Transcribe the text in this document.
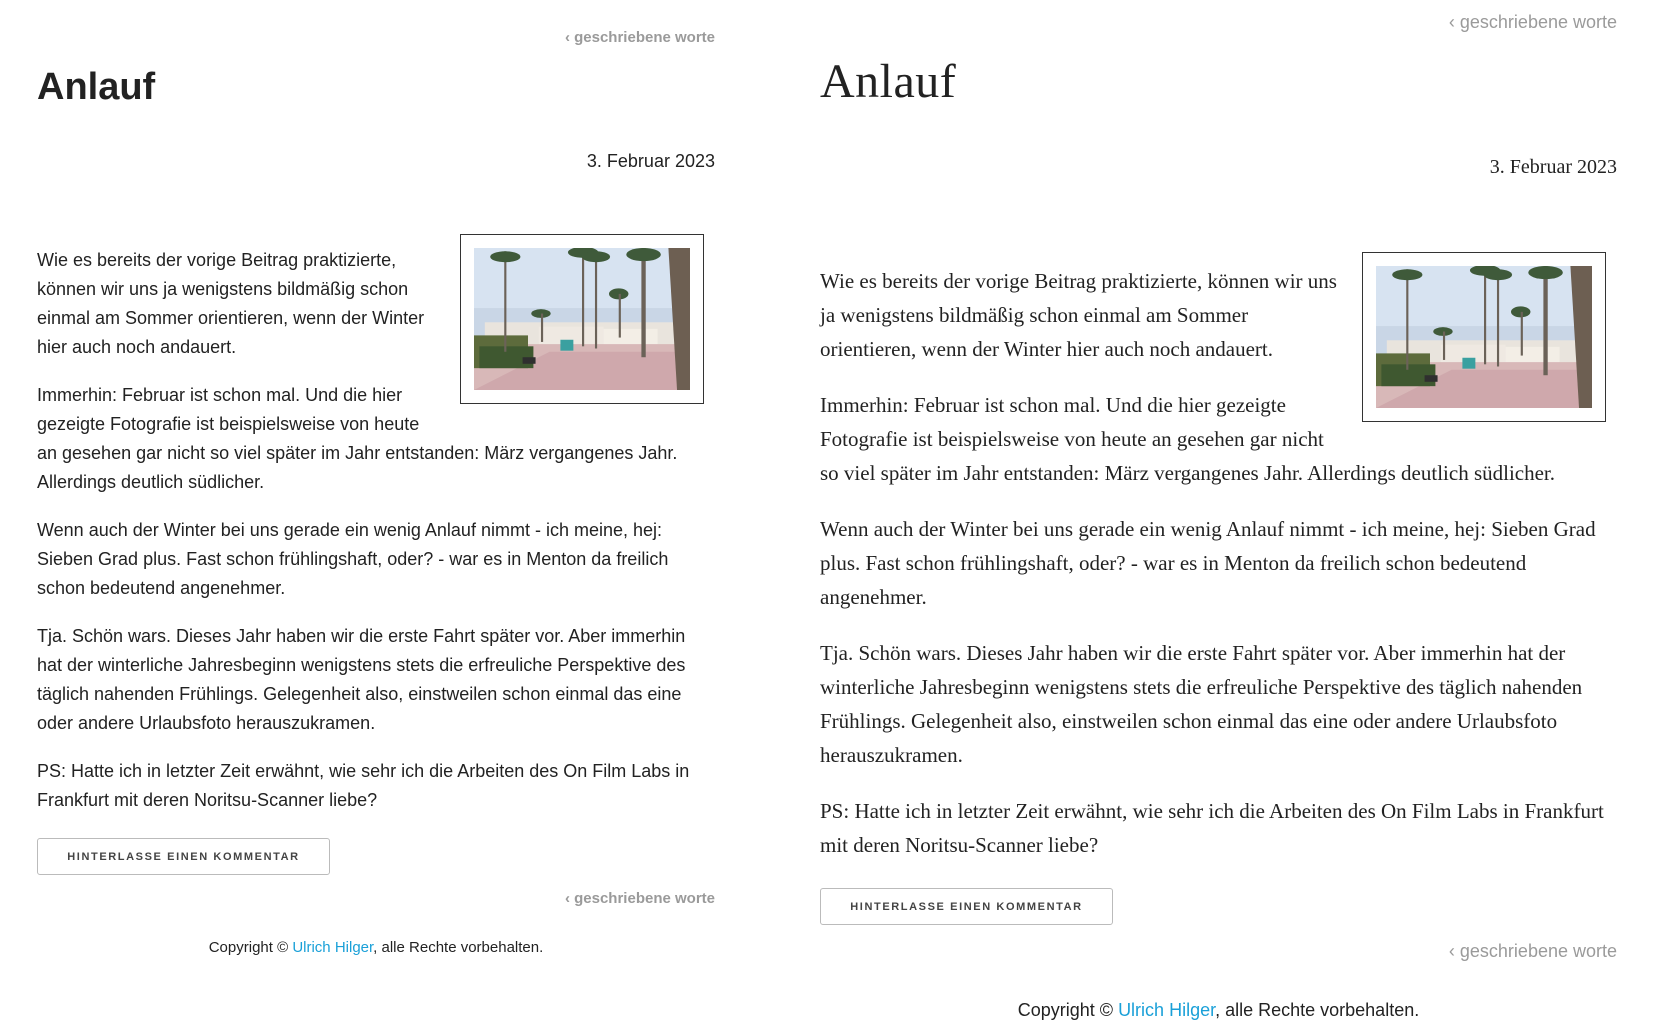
‹ geschriebene worte
Anlauf
3. Februar 2023

Wie es bereits der vorige Beitrag praktizierte, können wir uns ja wenigstens bildmäßig schon einmal am Sommer orientieren, wenn der Winter hier auch noch andauert.

Immerhin: Februar ist schon mal. Und die hier gezeigte Fotografie ist beispielsweise von heute an gesehen gar nicht so viel später im Jahr entstanden: März vergangenes Jahr. Allerdings deutlich südlicher.

Wenn auch der Winter bei uns gerade ein wenig Anlauf nimmt - ich meine, hej: Sieben Grad plus. Fast schon frühlingshaft, oder? - war es in Menton da freilich schon bedeutend angenehmer.

Tja. Schön wars. Dieses Jahr haben wir die erste Fahrt später vor. Aber immerhin hat der winterliche Jahresbeginn wenigstens stets die erfreuliche Perspektive des täglich nahenden Frühlings. Gelegenheit also, einstweilen schon einmal das eine oder andere Urlaubsfoto herauszukramen.

PS: Hatte ich in letzter Zeit erwähnt, wie sehr ich die Arbeiten des On Film Labs in Frankfurt mit deren Noritsu-Scanner liebe?

HINTERLASSE EINEN KOMMENTAR
‹ geschriebene worte
Copyright © Ulrich Hilger, alle Rechte vorbehalten.
‹ geschriebene worte
Anlauf
3. Februar 2023

Wie es bereits der vorige Beitrag praktizierte, können wir uns ja wenigstens bildmäßig schon einmal am Sommer orientieren, wenn der Winter hier auch noch andauert.

Immerhin: Februar ist schon mal. Und die hier gezeigte Fotografie ist beispielsweise von heute an gesehen gar nicht so viel später im Jahr entstanden: März vergangenes Jahr. Allerdings deutlich südlicher.

Wenn auch der Winter bei uns gerade ein wenig Anlauf nimmt - ich meine, hej: Sieben Grad plus. Fast schon frühlingshaft, oder? - war es in Menton da freilich schon bedeutend angenehmer.

Tja. Schön wars. Dieses Jahr haben wir die erste Fahrt später vor. Aber immerhin hat der winterliche Jahresbeginn wenigstens stets die erfreuliche Perspektive des täglich nahenden Frühlings. Gelegenheit also, einstweilen schon einmal das eine oder andere Urlaubsfoto herauszukramen.

PS: Hatte ich in letzter Zeit erwähnt, wie sehr ich die Arbeiten des On Film Labs in Frankfurt mit deren Noritsu-Scanner liebe?

HINTERLASSE EINEN KOMMENTAR
‹ geschriebene worte
Copyright © Ulrich Hilger, alle Rechte vorbehalten.
